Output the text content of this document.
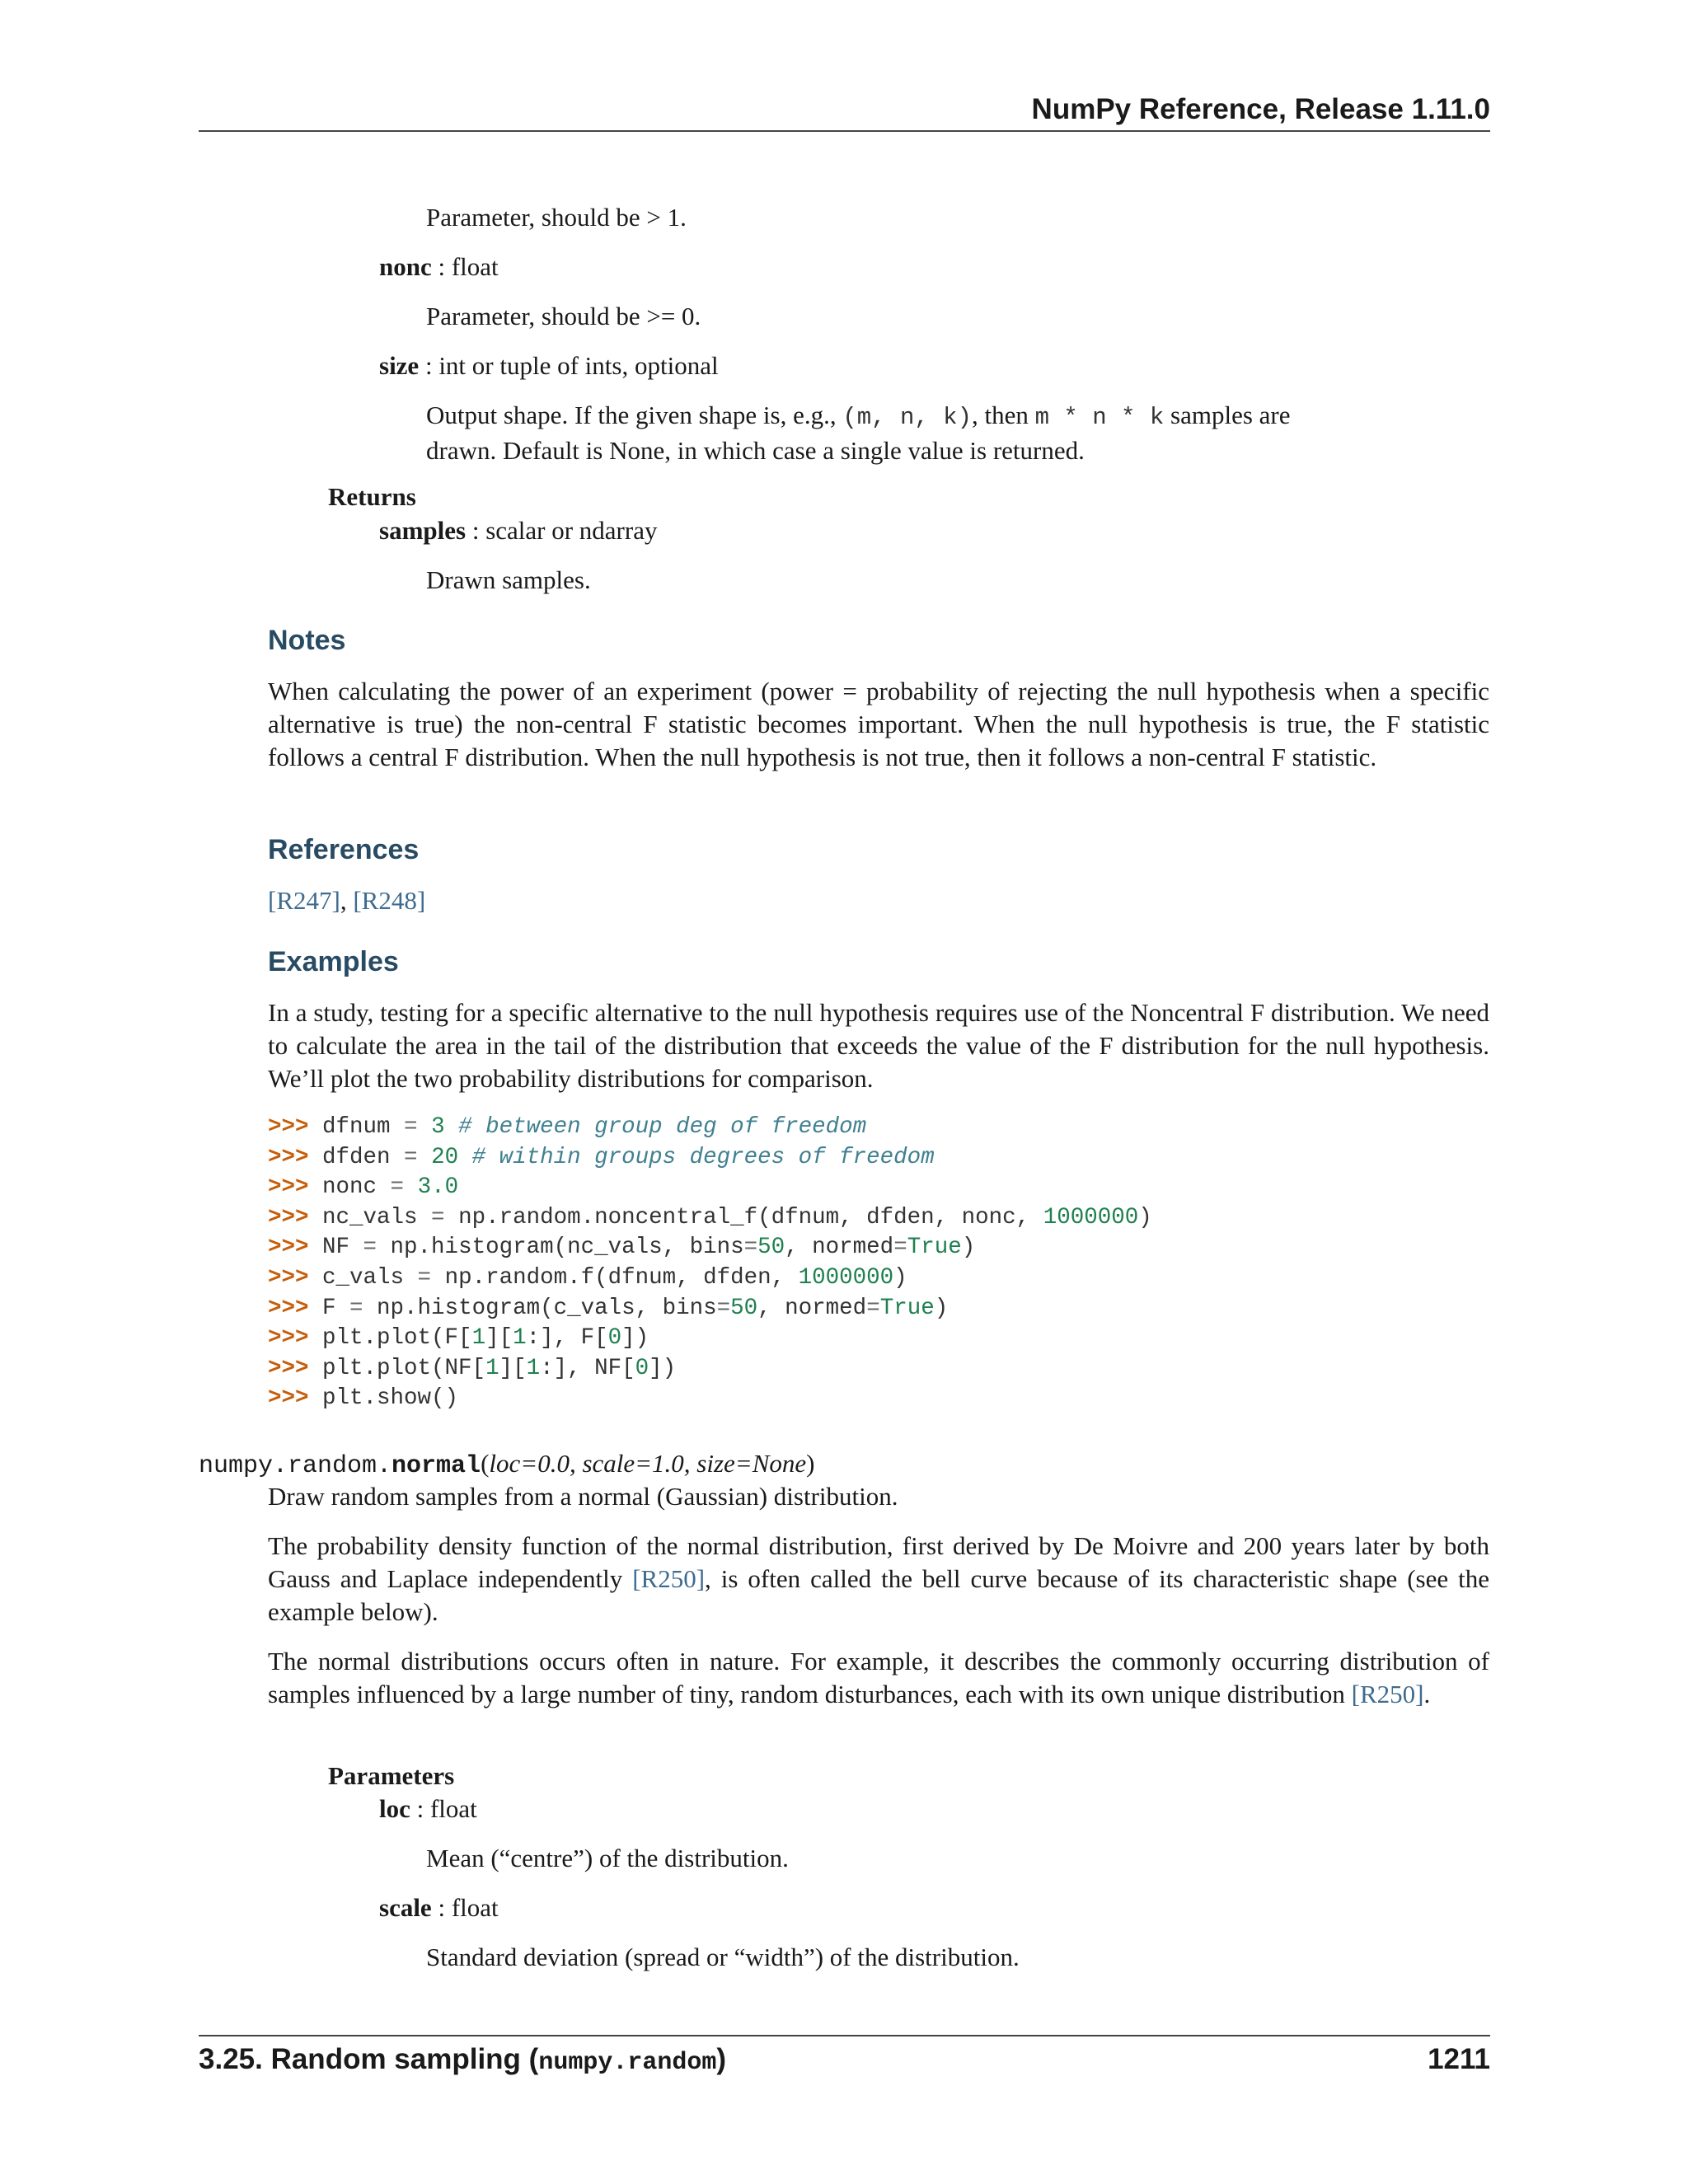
NumPy Reference, Release 1.11.0
Parameter, should be > 1.
nonc : float
Parameter, should be >= 0.
size : int or tuple of ints, optional
Output shape. If the given shape is, e.g., (m, n, k), then m * n * k samples are
drawn. Default is None, in which case a single value is returned.
Returns
samples : scalar or ndarray
Drawn samples.
Notes
When calculating the power of an experiment (power = probability of rejecting the null hypothesis when a specific alternative is true) the non-central F statistic becomes important. When the null hypothesis is true, the F statistic follows a central F distribution. When the null hypothesis is not true, then it follows a non-central F statistic.
References
[R247], [R248]
Examples
In a study, testing for a specific alternative to the null hypothesis requires use of the Noncentral F distribution. We need to calculate the area in the tail of the distribution that exceeds the value of the F distribution for the null hypothesis. We’ll plot the two probability distributions for comparison.
>>> dfnum = 3 # between group deg of freedom
>>> dfden = 20 # within groups degrees of freedom
>>> nonc = 3.0
>>> nc_vals = np.random.noncentral_f(dfnum, dfden, nonc, 1000000)
>>> NF = np.histogram(nc_vals, bins=50, normed=True)
>>> c_vals = np.random.f(dfnum, dfden, 1000000)
>>> F = np.histogram(c_vals, bins=50, normed=True)
>>> plt.plot(F[1][1:], F[0])
>>> plt.plot(NF[1][1:], NF[0])
>>> plt.show()
numpy.random.normal(loc=0.0, scale=1.0, size=None)
Draw random samples from a normal (Gaussian) distribution.
The probability density function of the normal distribution, first derived by De Moivre and 200 years later by both Gauss and Laplace independently [R250], is often called the bell curve because of its characteristic shape (see the example below).
The normal distributions occurs often in nature. For example, it describes the commonly occurring distribution of samples influenced by a large number of tiny, random disturbances, each with its own unique distribution [R250].
Parameters
loc : float
Mean (“centre”) of the distribution.
scale : float
Standard deviation (spread or “width”) of the distribution.
3.25. Random sampling (numpy.random)	1211
